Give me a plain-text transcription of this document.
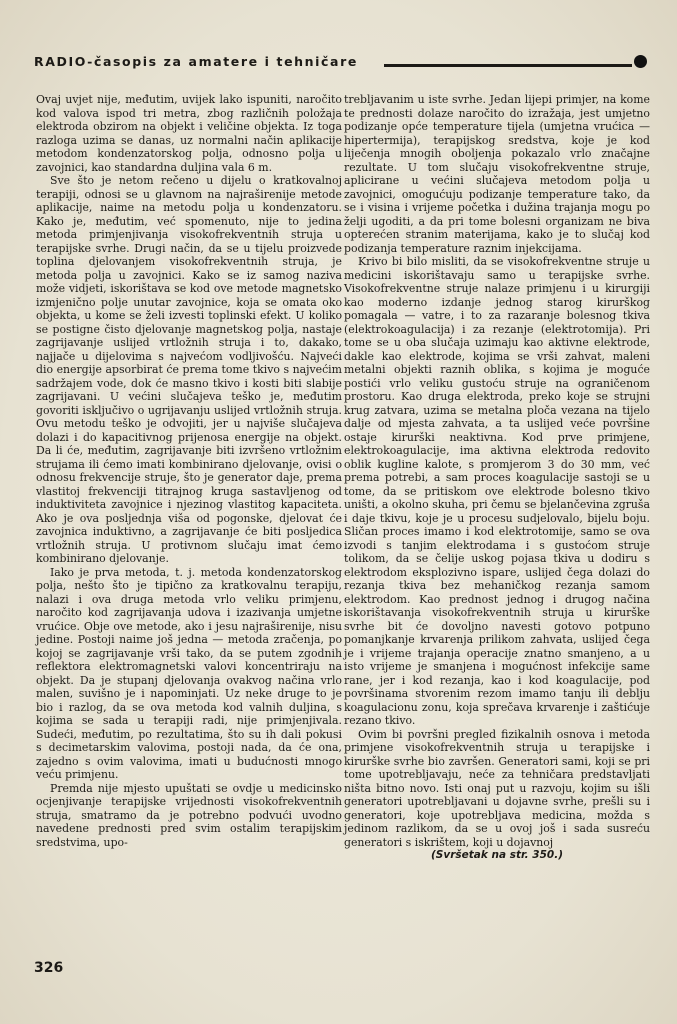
RADIO-časopis za amatere i tehničare

Ovaj uvjet nije, međutim, uvijek lako ispuniti, naročito kod valova ispod tri metra, zbog različnih položaja elektroda obzirom na objekt i veličine objekta. Iz toga razloga uzima se danas, uz normalni način aplikacije metodom kondenzatorskog polja, odnosno polja u zavojnici, kao standardna duljina vala 6 m.

Sve što je netom rečeno u dijelu o kratkovalnoj terapiji, odnosi se u glavnom na najraširenije metode aplikacije, naime na metodu polja u kondenzatoru. Kako je, međutim, već spomenuto, nije to jedina metoda primjenjivanja visokofrekventnih struja u terapijske svrhe. Drugi način, da se u tijelu proizvede toplina djelovanjem visokofrekventnih struja, je metoda polja u zavojnici. Kako se iz samog naziva može vidjeti, iskorištava se kod ove metode magnetsko izmjenično polje unutar zavojnice, koja se omata oko objekta, u kome se želi izvesti toplinski efekt. U koliko se postigne čisto djelovanje magnetskog polja, nastaje zagrijavanje uslijed vrtložnih struja i to, dakako, najjače u dijelovima s najvećom vodljivošću. Najveći dio energije apsorbirat će prema tome tkivo s najvećim sadržajem vode, dok će masno tkivo i kosti biti slabije zagrijavani. U većini slučajeva teško je, međutim govoriti isključivo o ugrijavanju uslijed vrtložnih struja. Ovu metodu teško je odvojiti, jer u najviše slučajeva dolazi i do kapacitivnog prijenosa energije na objekt. Da li će, međutim, zagrijavanje biti izvršeno vrtložnim strujama ili ćemo imati kombinirano djelovanje, ovisi o odnosu frekvencije struje, što je generator daje, prema vlastitoj frekvenciji titrajnog kruga sastavljenog od induktiviteta zavojnice i njezinog vlastitog kapaciteta. Ako je ova posljednja viša od pogonske, djelovat će zavojnica induktivno, a zagrijavanje će biti posljedica vrtložnih struja. U protivnom slučaju imat ćemo kombinirano djelovanje.

Iako je prva metoda, t. j. metoda kondenzatorskog polja, nešto što je tipično za kratkovalnu terapiju, nalazi i ova druga metoda vrlo veliku primjenu, naročito kod zagrijavanja udova i izazivanja umjetne vrućice. Obje ove metode, ako i jesu najraširenije, nisu jedine. Postoji naime još jedna — metoda zračenja, po kojoj se zagrijavanje vrši tako, da se putem zgodnih reflektora elektromagnetski valovi koncentriraju na objekt. Da je stupanj djelovanja ovakvog načina vrlo malen, suvišno je i napominjati. Uz neke druge to je bio i razlog, da se ova metoda kod valnih duljina, s kojima se sada u terapiji radi, nije primjenjivala. Sudeći, međutim, po rezultatima, što su ih dali pokusi s decimetarskim valovima, postoji nada, da će ona, zajedno s ovim valovima, imati u budućnosti mnogo veću primjenu.

Premda nije mjesto upuštati se ovdje u medicinsko ocjenjivanje terapijske vrijednosti visokofrekventnih struja, smatramo da je potrebno podvući uvodno navedene prednosti pred svim ostalim terapijskim sredstvima, upo-

trebljavanim u iste svrhe. Jedan lijepi primjer, na kome te prednosti dolaze naročito do izražaja, jest umjetno podizanje opće temperature tijela (umjetna vrućica — hipertermija), terapijskog sredstva, koje je kod liječenja mnogih oboljenja pokazalo vrlo značajne rezultate. U tom slučaju visokofrekventne struje, aplicirane u većini slučajeva metodom polja u zavojnici, omogućuju podizanje temperature tako, da se i visina i vrijeme početka i dužina trajanja mogu po želji ugoditi, a da pri tome bolesni organizam ne biva opterećen stranim materijama, kako je to slučaj kod podizanja temperature raznim injekcijama.

Krivo bi bilo misliti, da se visokofrekventne struje u medicini iskorištavaju samo u terapijske svrhe. Visokofrekventne struje nalaze primjenu i u kirurgiji kao moderno izdanje jednog starog kirurškog pomagala — vatre, i to za razaranje bolesnog tkiva (elektrokoagulacija) i za rezanje (elektrotomija). Pri tome se u oba slučaja uzimaju kao aktivne elektrode, dakle kao elektrode, kojima se vrši zahvat, maleni metalni objekti raznih oblika, s kojima je moguće postići vrlo veliku gustoću struje na ograničenom prostoru. Kao druga elektroda, preko koje se strujni krug zatvara, uzima se metalna ploča vezana na tijelo dalje od mjesta zahvata, a ta uslijed veće površine ostaje kirurški neaktivna. Kod prve primjene, elektrokoagulacije, ima aktivna elektroda redovito oblik kugline kalote, s promjerom 3 do 30 mm, već prema potrebi, a sam proces koagulacije sastoji se u tome, da se pritiskom ove elektrode bolesno tkivo uništi, a okolno skuha, pri čemu se bjelančevina zgruša i daje tkivu, koje je u procesu sudjelovalo, bijelu boju. Sličan proces imamo i kod elektrotomije, samo se ova izvodi s tanjim elektrodama i s gustoćom struje tolikom, da se čelije uskog pojasa tkiva u dodiru s elektrodom eksplozivno ispare, uslijed čega dolazi do rezanja tkiva bez mehaničkog rezanja samom elektrodom. Kao prednost jednog i drugog načina iskorištavanja visokofrekventnih struja u kirurške svrhe bit će dovoljno navesti gotovo potpuno pomanjkanje krvarenja prilikom zahvata, uslijed čega je i vrijeme trajanja operacije znatno smanjeno, a u isto vrijeme je smanjena i mogućnost infekcije same rane, jer i kod rezanja, kao i kod koagulacije, pod površinama stvorenim rezom imamo tanju ili deblju koagulacionu zonu, koja sprečava krvarenje i zaštićuje rezano tkivo.

Ovim bi površni pregled fizikalnih osnova i metoda primjene visokofrekventnih struja u terapijske i kirurške svrhe bio završen. Generatori sami, koji se pri tome upotrebljavaju, neće za tehničara predstavljati ništa bitno novo. Isti onaj put u razvoju, kojim su išli generatori upotrebljavani u dojavne svrhe, prešli su i generatori, koje upotrebljava medicina, možda s jedinom razlikom, da se u ovoj još i sada susreću generatori s iskrištem, koji u dojavnoj

(Svršetak na str. 350.)

326
